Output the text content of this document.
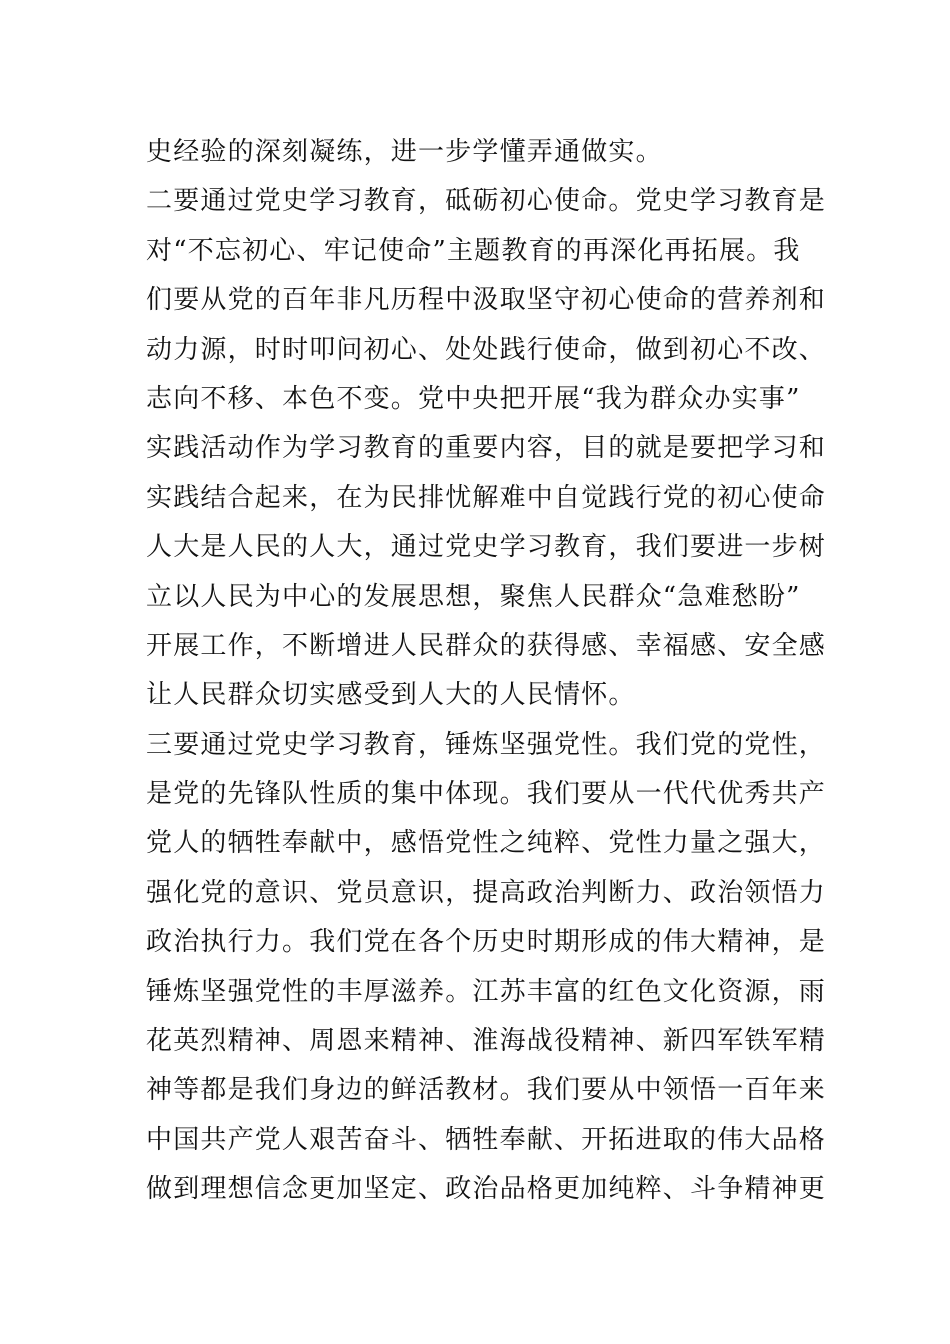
史经验的深刻凝练，进一步学懂弄通做实。
二要通过党史学习教育，砥砺初心使命。党史学习教育是
对“不忘初心、牢记使命”主题教育的再深化再拓展。我
们要从党的百年非凡历程中汲取坚守初心使命的营养剂和
动力源，时时叩问初心、处处践行使命，做到初心不改、
志向不移、本色不变。党中央把开展“我为群众办实事”
实践活动作为学习教育的重要内容，目的就是要把学习和
实践结合起来，在为民排忧解难中自觉践行党的初心使命
人大是人民的人大，通过党史学习教育，我们要进一步树
立以人民为中心的发展思想，聚焦人民群众“急难愁盼”
开展工作，不断增进人民群众的获得感、幸福感、安全感
让人民群众切实感受到人大的人民情怀。
三要通过党史学习教育，锤炼坚强党性。我们党的党性，
是党的先锋队性质的集中体现。我们要从一代代优秀共产
党人的牺牲奉献中，感悟党性之纯粹、党性力量之强大，
强化党的意识、党员意识，提高政治判断力、政治领悟力
政治执行力。我们党在各个历史时期形成的伟大精神，是
锤炼坚强党性的丰厚滋养。江苏丰富的红色文化资源，雨
花英烈精神、周恩来精神、淮海战役精神、新四军铁军精
神等都是我们身边的鲜活教材。我们要从中领悟一百年来
中国共产党人艰苦奋斗、牺牲奉献、开拓进取的伟大品格
做到理想信念更加坚定、政治品格更加纯粹、斗争精神更
